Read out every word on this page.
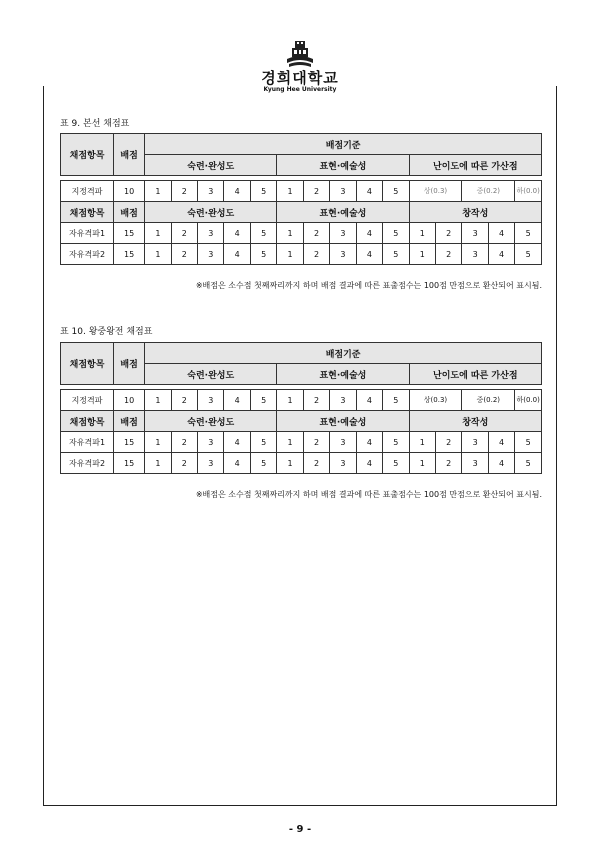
경희대학교
Kyung Hee University
표 9. 본선 채점표
채점항목	배점	배점기준														
		숙련·완성도					표현·예술성					난이도에 따른 가산점				

지정격파	10	1	2	3	4	5	1	2	3	4	5	상(0.3)		중(0.2)		하(0.0)
채점항목	배점	숙련·완성도					표현·예술성					창작성				
자유격파1	15	1	2	3	4	5	1	2	3	4	5	1	2	3	4	5
자유격파2	15	1	2	3	4	5	1	2	3	4	5	1	2	3	4	5
※배점은 소수점 첫째짜리까지 하며 배점 결과에 따른 표출점수는 100점 만점으로 환산되어 표시됨.
표 10. 왕중왕전 채점표
채점항목	배점	배점기준														
		숙련·완성도					표현·예술성					난이도에 따른 가산점				

지정격파	10	1	2	3	4	5	1	2	3	4	5	상(0.3)		중(0.2)		하(0.0)
채점항목	배점	숙련·완성도					표현·예술성					창작성				
자유격파1	15	1	2	3	4	5	1	2	3	4	5	1	2	3	4	5
자유격파2	15	1	2	3	4	5	1	2	3	4	5	1	2	3	4	5
※배점은 소수점 첫째짜리까지 하며 배점 결과에 따른 표출점수는 100점 만점으로 환산되어 표시됨.
- 9 -
